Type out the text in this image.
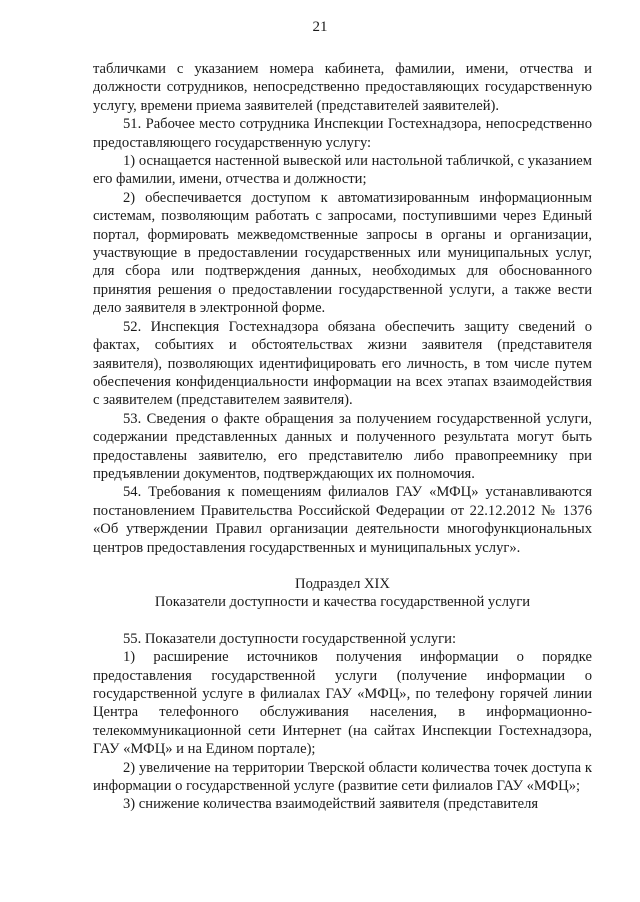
21

табличками с указанием номера кабинета, фамилии, имени, отчества и должности сотрудников, непосредственно предоставляющих государственную услугу, времени приема заявителей (представителей заявителей).

51. Рабочее место сотрудника Инспекции Гостехнадзора, непосредственно предоставляющего государственную услугу:

1) оснащается настенной вывеской или настольной табличкой, с указанием его фамилии, имени, отчества и должности;

2) обеспечивается доступом к автоматизированным информационным системам, позволяющим работать с запросами, поступившими через Единый портал, формировать межведомственные запросы в органы и организации, участвующие в предоставлении государственных или муниципальных услуг, для сбора или подтверждения данных, необходимых для обоснованного принятия решения о предоставлении государственной услуги, а также вести дело заявителя в электронной форме.

52. Инспекция Гостехнадзора обязана обеспечить защиту сведений о фактах, событиях и обстоятельствах жизни заявителя (представителя заявителя), позволяющих идентифицировать его личность, в том числе путем обеспечения конфиденциальности информации на всех этапах взаимодействия с заявителем (представителем заявителя).

53. Сведения о факте обращения за получением государственной услуги, содержании представленных данных и полученного результата могут быть предоставлены заявителю, его представителю либо правопреемнику при предъявлении документов, подтверждающих их полномочия.

54. Требования к помещениям филиалов ГАУ «МФЦ» устанавливаются постановлением Правительства Российской Федерации от 22.12.2012 № 1376 «Об утверждении Правил организации деятельности многофункциональных центров предоставления государственных и муниципальных услуг».

Подраздел XIX

Показатели доступности и качества государственной услуги

55. Показатели доступности государственной услуги:

1) расширение источников получения информации о порядке предоставления государственной услуги (получение информации о государственной услуге в филиалах ГАУ «МФЦ», по телефону горячей линии Центра телефонного обслуживания населения, в информационно-телекоммуникационной сети Интернет (на сайтах Инспекции Гостехнадзора, ГАУ «МФЦ» и на Едином портале);

2) увеличение на территории Тверской области количества точек доступа к информации о государственной услуге (развитие сети филиалов ГАУ «МФЦ»;

3) снижение количества взаимодействий заявителя (представителя
